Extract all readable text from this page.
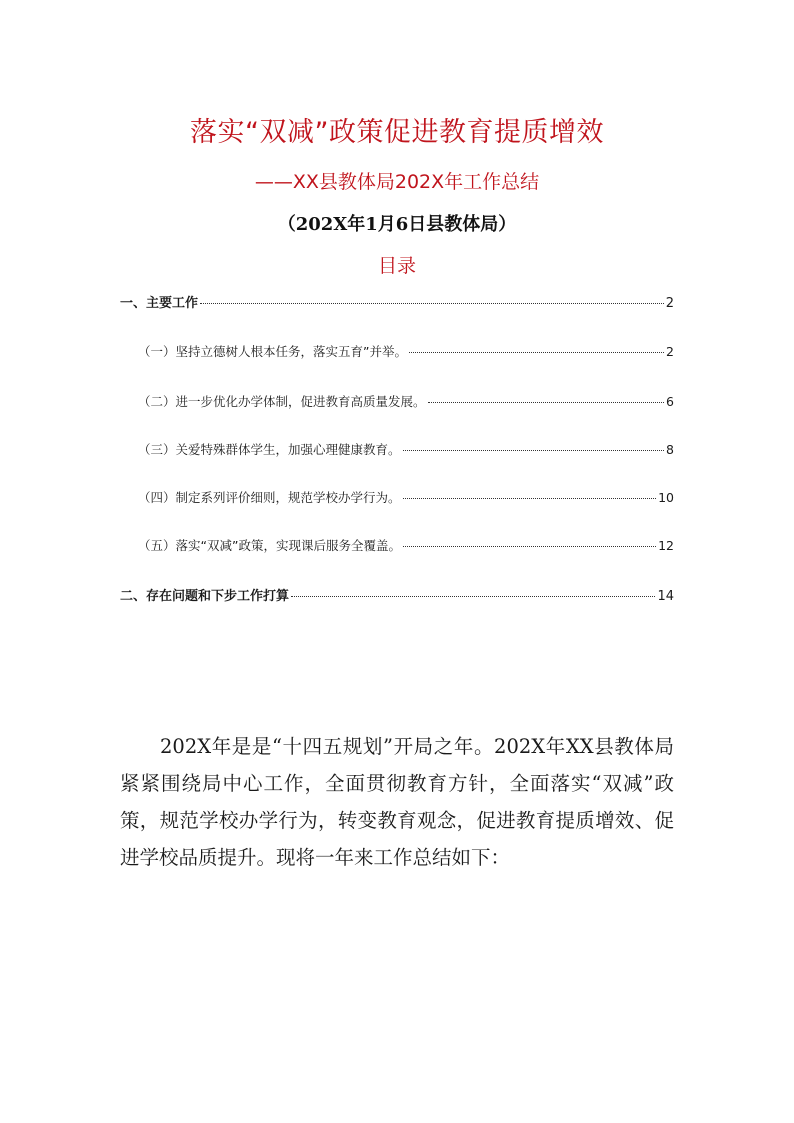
落实“双减”政策促进教育提质增效
——XX县教体局202X年工作总结
（202X年1月6日县教体局）
目录
一、主要工作	2
（一）坚持立德树人根本任务，落实五育”并举。	2
（二）进一步优化办学体制，促进教育高质量发展。	6
（三）关爱特殊群体学生，加强心理健康教育。	8
（四）制定系列评价细则，规范学校办学行为。	10
（五）落实“双减”政策，实现课后服务全覆盖。	12
二、存在问题和下步工作打算	14

202X年是是“十四五规划”开局之年。202X年XX县教体局紧紧围绕局中心工作，全面贯彻教育方针，全面落实“双减”政策，规范学校办学行为，转变教育观念，促进教育提质增效、促进学校品质提升。现将一年来工作总结如下：
